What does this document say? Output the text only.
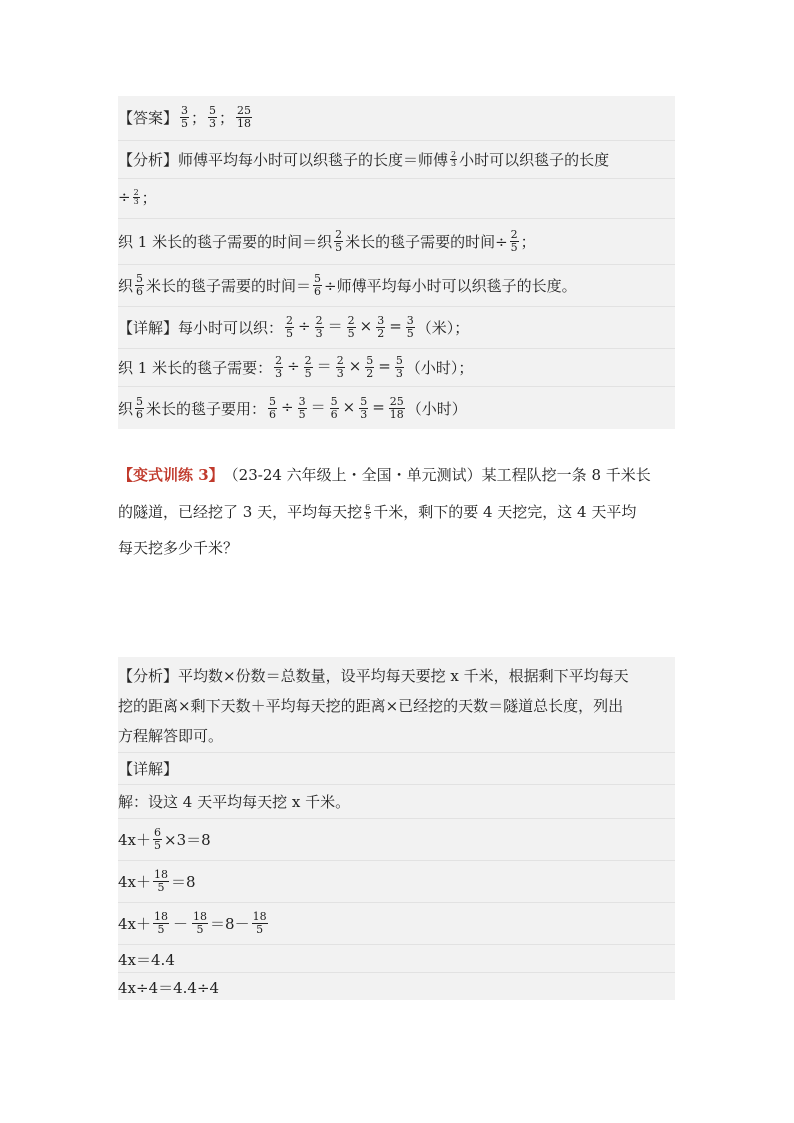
【答案】 $\frac{3}{5}$ ； $\frac{5}{3}$ ； $\frac{25}{18}$
【分析】 师傅平均每小时可以织毯子的长度＝师傅 $\frac{2}{3}$ 小时可以织毯子的长度
÷ $\frac{2}{3}$ ；
织 1 米长的毯子需要的时间＝织 $\frac{2}{5}$ 米长的毯子需要的时间÷ $\frac{2}{5}$ ；
织 $\frac{5}{6}$ 米长的毯子需要的时间＝ $\frac{5}{6}$ ÷师傅平均每小时可以织毯子的长度。
【详解】 每小时可以织： $\frac{2}{5} \div \frac{2}{3} = \frac{2}{5} \times \frac{3}{2} = \frac{3}{5}$ （米）；
织 1 米长的毯子需要： $\frac{2}{3} \div \frac{2}{5} = \frac{2}{3} \times \frac{5}{2} = \frac{5}{3}$ （小时）；
织 $\frac{5}{6}$ 米长的毯子要用： $\frac{5}{6} \div \frac{3}{5} = \frac{5}{6} \times \frac{5}{3} = \frac{25}{18}$ （小时）
【变式训练 3】 （23-24 六年级上・全国・单元测试）某工程队挖一条 8 千米长
的隧道，已经挖了 3 天，平均每天挖 $\frac{6}{5}$ 千米，剩下的要 4 天挖完，这 4 天平均
每天挖多少千米？
【分析】 平均数×份数＝总数量，设平均每天要挖 x 千米，根据剩下平均每天
挖的距离×剩下天数＋平均每天挖的距离×已经挖的天数＝隧道总长度，列出
方程解答即可。
【详解】
解：设这 4 天平均每天挖 x 千米。
$4x+ \frac{6}{5} \times 3=8$
$4x+ \frac{18}{5} =8$
$4x+ \frac{18}{5} - \frac{18}{5} =8- \frac{18}{5}$
4x＝4.4
4x÷4＝4.4÷4
